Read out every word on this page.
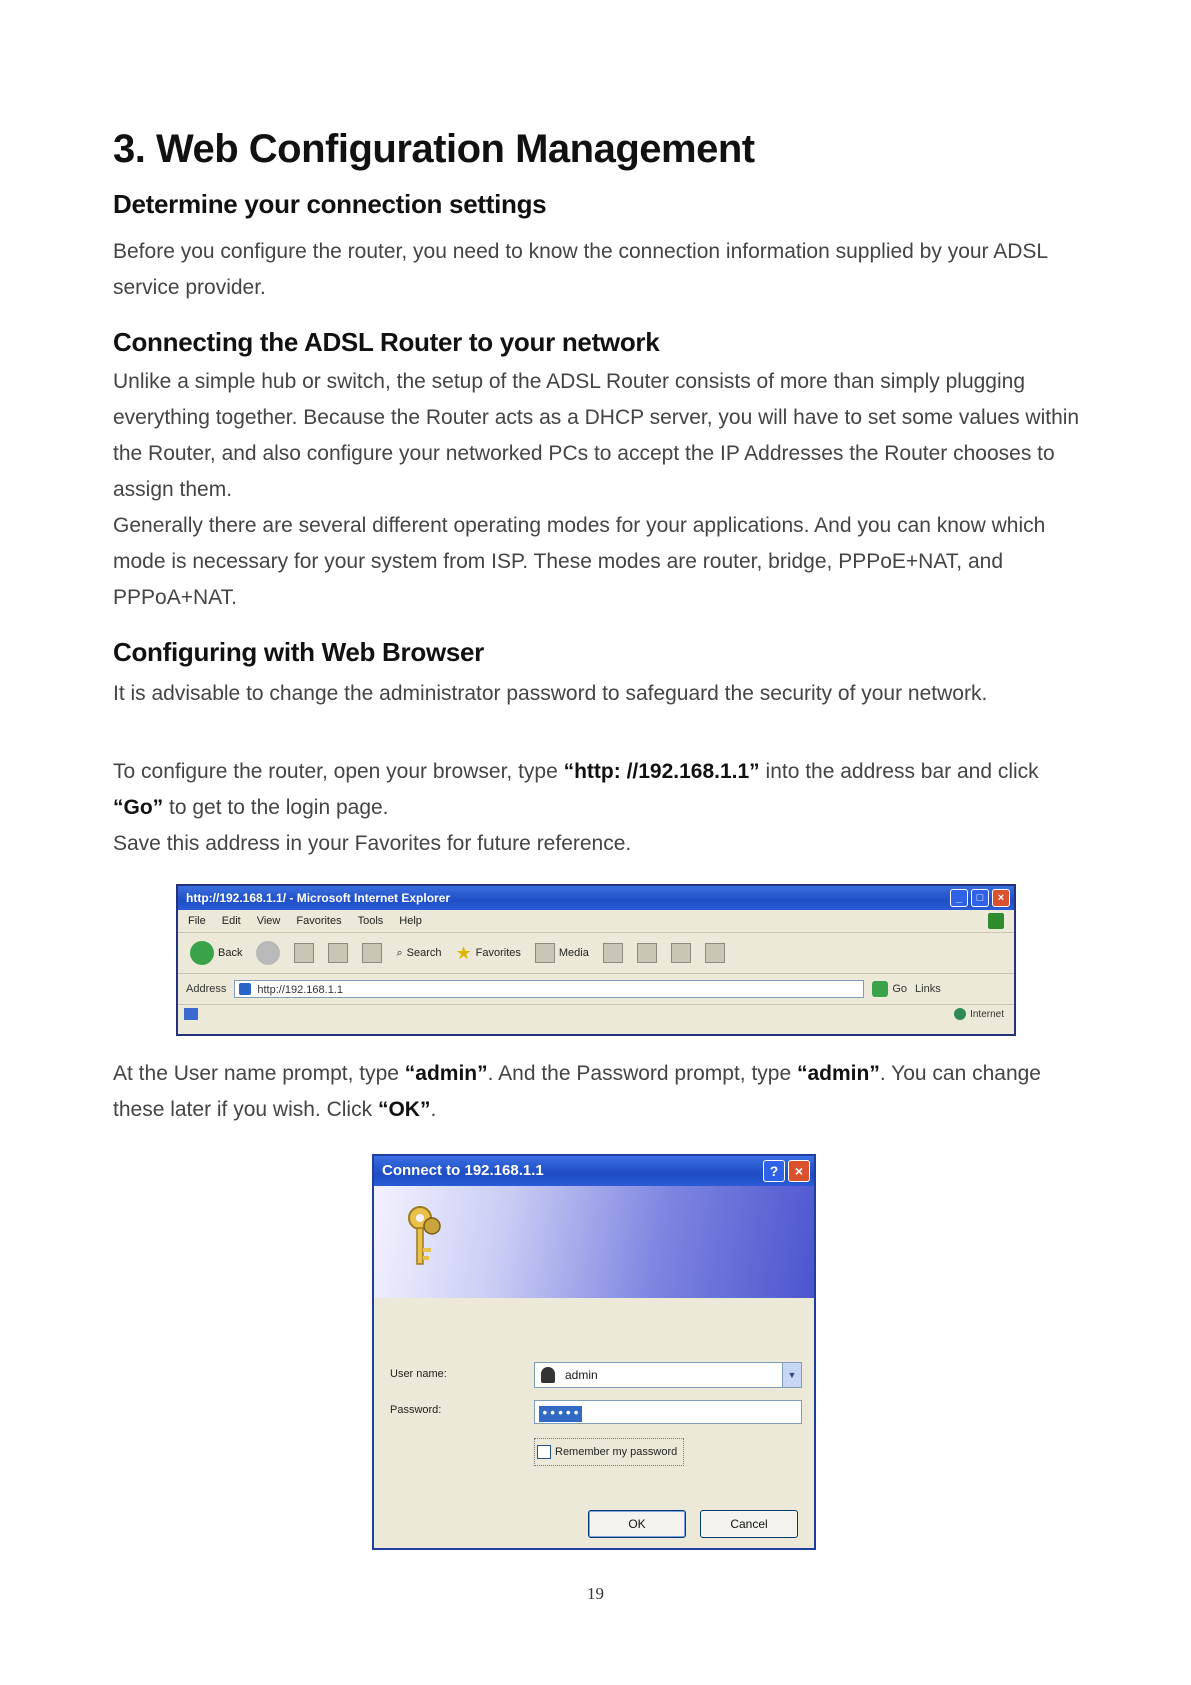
3. Web Configuration Management
Determine your connection settings

Before you configure the router, you need to know the connection information supplied by your ADSL service provider.

Connecting the ADSL Router to your network

Unlike a simple hub or switch, the setup of the ADSL Router consists of more than simply plugging everything together. Because the Router acts as a DHCP server, you will have to set some values within the Router, and also configure your networked PCs to accept the IP Addresses the Router chooses to assign them.

Generally there are several different operating modes for your applications. And you can know which mode is necessary for your system from ISP. These modes are router, bridge, PPPoE+NAT, and PPPoA+NAT.

Configuring with Web Browser

It is advisable to change the administrator password to safeguard the security of your network.

To configure the router, open your browser, type “http: //192.168.1.1” into the address bar and click “Go” to get to the login page.

Save this address in your Favorites for future reference.

http://192.168.1.1/ - Microsoft Internet Explorer	_	□	×
File Edit View Favorites Tools Help
Back	⌕ Search ★ Favorites	Media
Address	http://192.168.1.1	Go Links
Internet

At the User name prompt, type “admin”. And the Password prompt, type “admin”. You can change these later if you wish. Click “OK”.

Connect to 192.168.1.1	?	×
User name:	admin	▼
Password:	•••••
Remember my password
OK	Cancel
19
